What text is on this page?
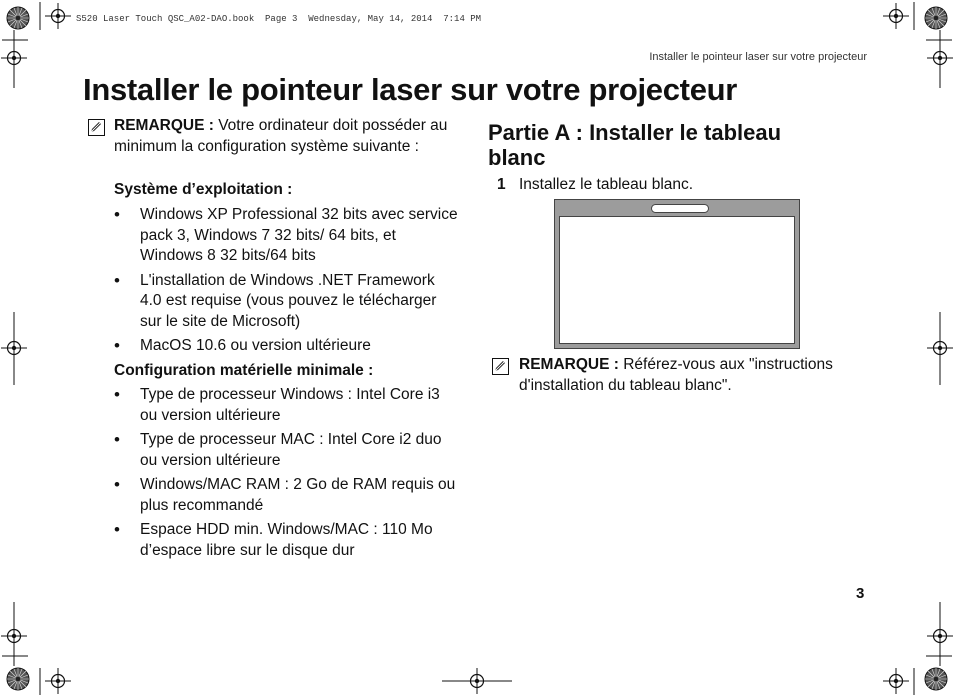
S520 Laser Touch QSC_A02-DAO.book  Page 3  Wednesday, May 14, 2014  7:14 PM
Installer le pointeur laser sur votre projecteur
Installer le pointeur laser sur votre projecteur
REMARQUE : Votre ordinateur doit posséder au minimum la configuration système suivante :
Système d’exploitation :
• Windows XP Professional 32 bits avec service pack 3, Windows 7 32 bits/ 64 bits, et Windows 8 32 bits/64 bits
• L'installation de Windows .NET Framework 4.0 est requise (vous pouvez le télécharger sur le site de Microsoft)
• MacOS 10.6 ou version ultérieure
Configuration matérielle minimale :
• Type de processeur Windows : Intel Core i3 ou version ultérieure
• Type de processeur MAC : Intel Core i2 duo ou version ultérieure
• Windows/MAC RAM : 2 Go de RAM requis ou plus recommandé
• Espace HDD min. Windows/MAC : 110 Mo d’espace libre sur le disque dur
Partie A : Installer le tableau blanc
1 Installez le tableau blanc.
REMARQUE : Référez-vous aux "instructions d'installation du tableau blanc".
3
